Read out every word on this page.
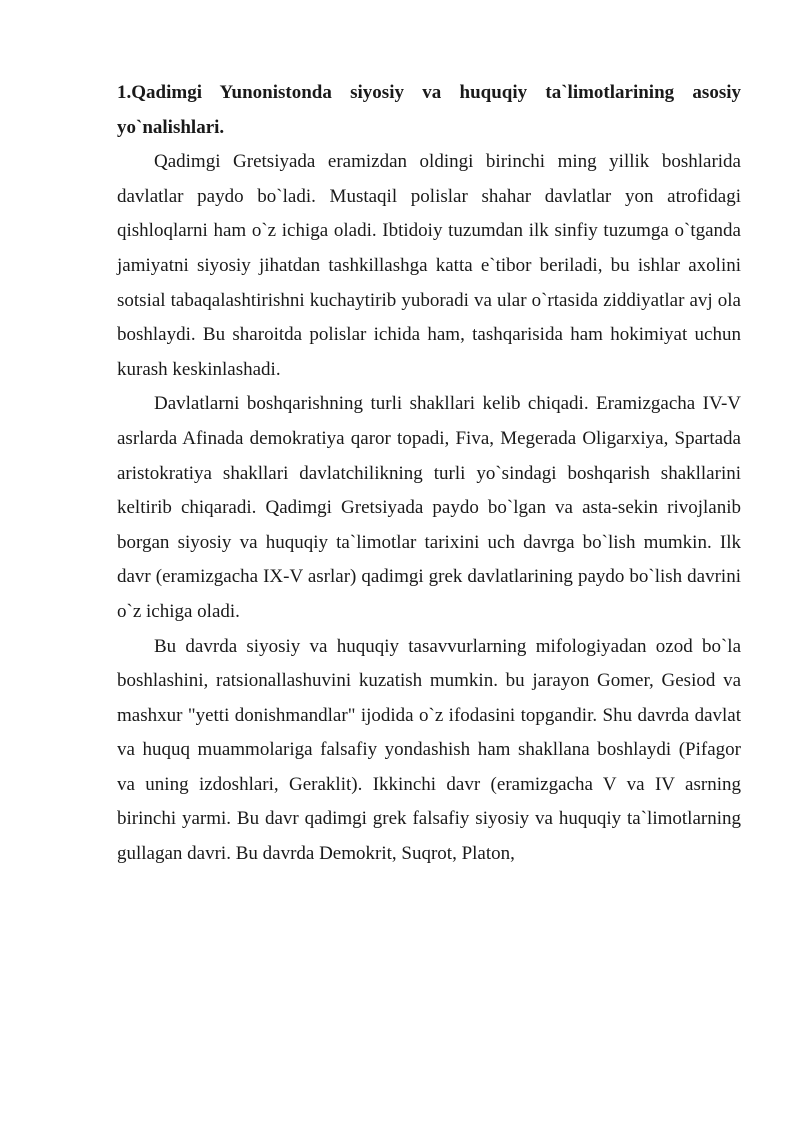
1.Qadimgi Yunonistonda siyosiy va huquqiy ta`limotlarining asosiy yo`nalishlari.

Qadimgi Gretsiyada eramizdan oldingi birinchi ming yillik boshlarida davlatlar paydo bo`ladi. Mustaqil polislar shahar davlatlar yon atrofidagi qishloqlarni ham o`z ichiga oladi. Ibtidoiy tuzumdan ilk sinfiy tuzumga o`tganda jamiyatni siyosiy jihatdan tashkillashga katta e`tibor beriladi, bu ishlar axolini sotsial tabaqalashtirishni kuchaytirib yuboradi va ular o`rtasida ziddiyatlar avj ola boshlaydi. Bu sharoitda polislar ichida ham, tashqarisida ham hokimiyat uchun kurash keskinlashadi.

Davlatlarni boshqarishning turli shakllari kelib chiqadi. Eramizgacha IV-V asrlarda Afinada demokratiya qaror topadi, Fiva, Megerada Oligarxiya, Spartada aristokratiya shakllari davlatchilikning turli yo`sindagi boshqarish shakllarini keltirib chiqaradi. Qadimgi Gretsiyada paydo bo`lgan va asta-sekin rivojlanib borgan siyosiy va huquqiy ta`limotlar tarixini uch davrga bo`lish mumkin. Ilk davr (eramizgacha IX-V asrlar) qadimgi grek davlatlarining paydo bo`lish davrini o`z ichiga oladi.

Bu davrda siyosiy va huquqiy tasavvurlarning mifologiyadan ozod bo`la boshlashini, ratsionallashuvini kuzatish mumkin. bu jarayon Gomer, Gesiod va mashxur "yetti donishmandlar" ijodida o`z ifodasini topgandir. Shu davrda davlat va huquq muammolariga falsafiy yondashish ham shakllana boshlaydi (Pifagor va uning izdoshlari, Geraklit). Ikkinchi davr (eramizgacha V va IV asrning birinchi yarmi. Bu davr qadimgi grek falsafiy siyosiy va huquqiy ta`limotlarning gullagan davri. Bu davrda Demokrit, Suqrot, Platon,
